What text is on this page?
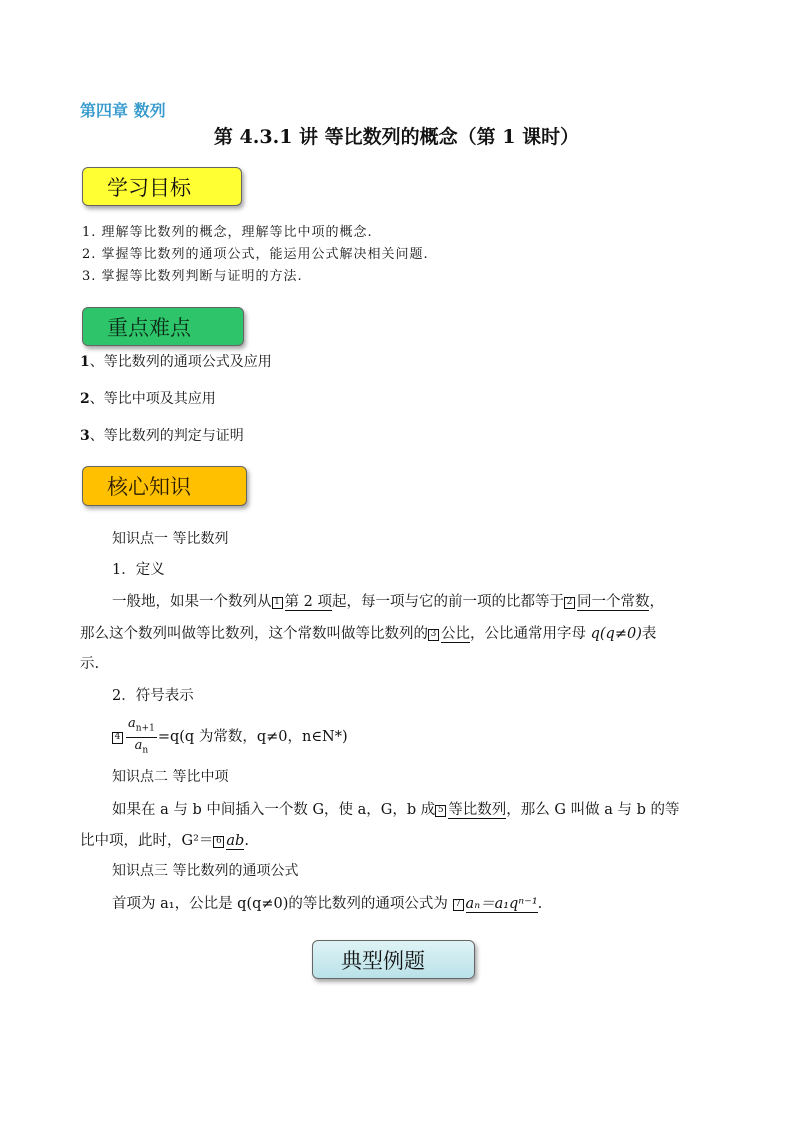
第四章 数列
第 4.3.1 讲 等比数列的概念（第 1 课时）
学习目标
1. 理解等比数列的概念，理解等比中项的概念.
2. 掌握等比数列的通项公式，能运用公式解决相关问题.
3. 掌握等比数列判断与证明的方法.
重点难点
1、等比数列的通项公式及应用
2、等比中项及其应用
3、等比数列的判定与证明
核心知识
知识点一 等比数列
1．定义
一般地，如果一个数列从 1 第 2 项起，每一项与它的前一项的比都等于 2 同一个常数，
那么这个数列叫做等比数列，这个常数叫做等比数列的 3 公比，公比通常用字母 q(q≠0)表
示.
2．符号表示
$4 \frac{a_{n+1}}{a_n} =q(q$ 为常数，q≠0，n∈N*)
知识点二 等比中项
如果在 a 与 b 中间插入一个数 G，使 a，G，b 成 5 等比数列，那么 G 叫做 a 与 b 的等
比中项，此时，G²＝ 6 ab.
知识点三 等比数列的通项公式
首项为 a₁，公比是 q(q≠0)的等比数列的通项公式为 7 aₙ＝a₁qⁿ⁻¹.
典型例题
